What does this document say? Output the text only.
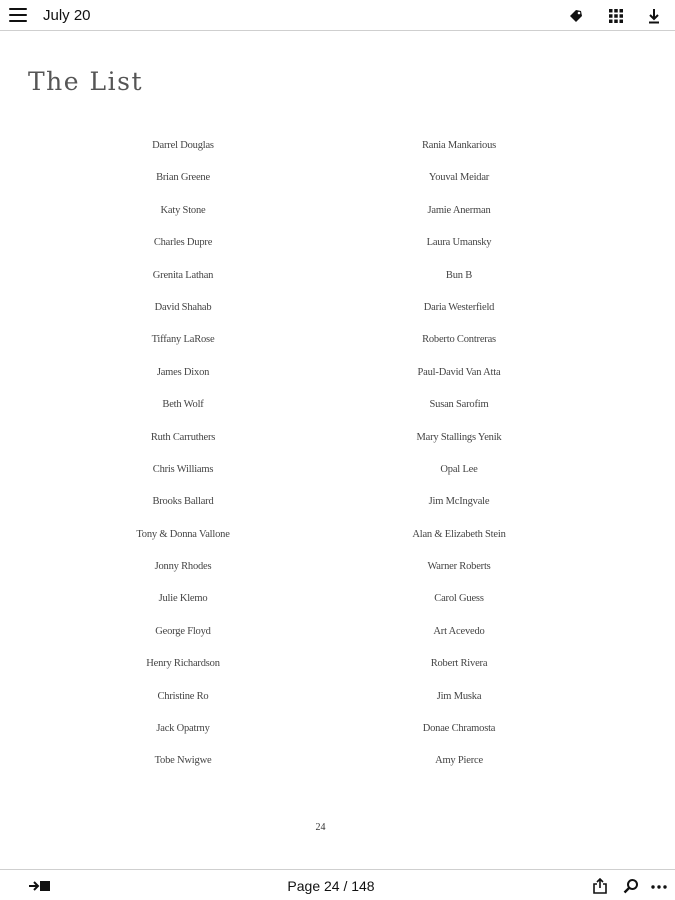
July 20
The List
Darrel Douglas
Brian Greene
Katy Stone
Charles Dupre
Grenita Lathan
David Shahab
Tiffany LaRose
James Dixon
Beth Wolf
Ruth Carruthers
Chris Williams
Brooks Ballard
Tony & Donna Vallone
Jonny Rhodes
Julie Klemo
George Floyd
Henry Richardson
Christine Ro
Jack Opatrny
Tobe Nwigwe
Rania Mankarious
Youval Meidar
Jamie Anerman
Laura Umansky
Bun B
Daria Westerfield
Roberto Contreras
Paul-David Van Atta
Susan Sarofim
Mary Stallings Yenik
Opal Lee
Jim McIngvale
Alan & Elizabeth Stein
Warner Roberts
Carol Guess
Art Acevedo
Robert Rivera
Jim Muska
Donae Chramosta
Amy Pierce
24
Page 24 / 148
